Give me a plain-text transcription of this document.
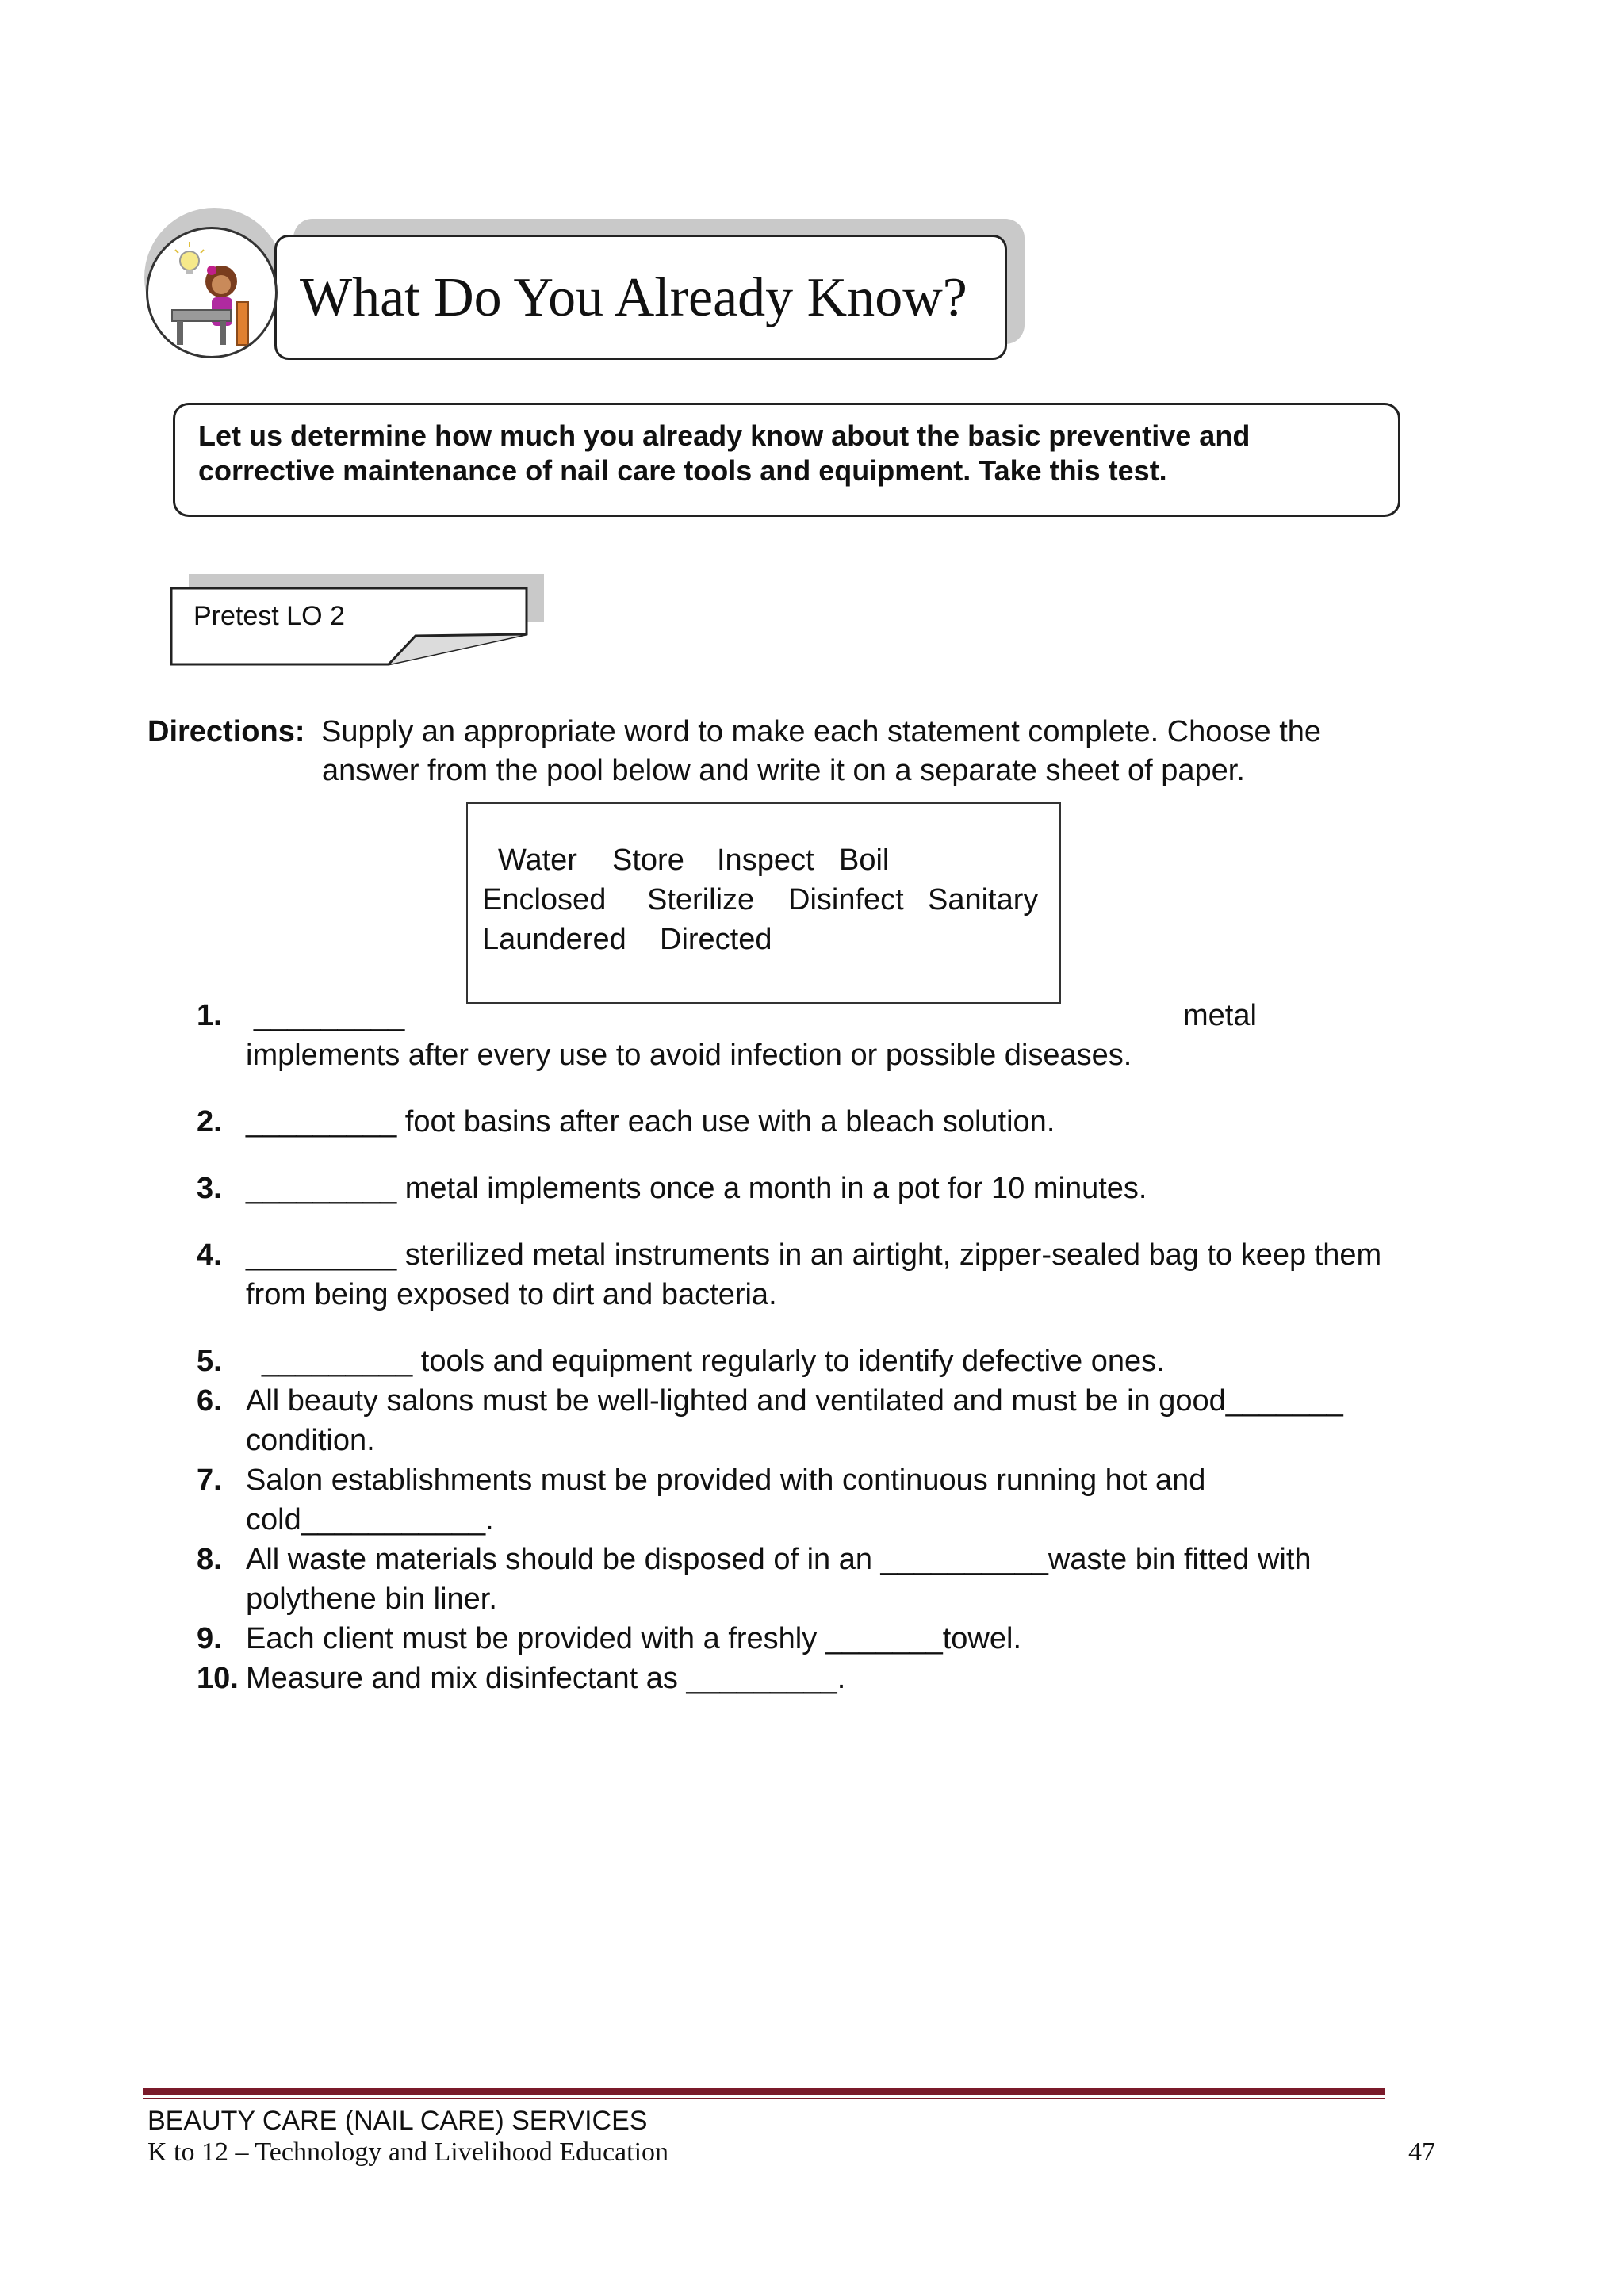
What Do You Already Know?
Let us determine how much you already know about the basic preventive and
corrective maintenance of nail care tools and equipment. Take this test.
Pretest LO 2
Directions: Supply an appropriate word to make each statement complete. Choose the
answer from the pool below and write it on a separate sheet of paper.
Water Store Inspect Boil
Enclosed Sterilize Disinfect Sanitary
Laundered Directed
1. _________	metal
implements after every use to avoid infection or possible diseases.
2. _________ foot basins after each use with a bleach solution.
3. _________ metal implements once a month in a pot for 10 minutes.
4. _________ sterilized metal instruments in an airtight, zipper-sealed bag to keep them
from being exposed to dirt and bacteria.
5. _________ tools and equipment regularly to identify defective ones.
6. All beauty salons must be well-lighted and ventilated and must be in good_______
condition.
7. Salon establishments must be provided with continuous running hot and
cold___________.
8. All waste materials should be disposed of in an __________waste bin fitted with
polythene bin liner.
9. Each client must be provided with a freshly _______towel.
10. Measure and mix disinfectant as _________.
BEAUTY CARE (NAIL CARE) SERVICES
K to 12 – Technology and Livelihood Education	47
